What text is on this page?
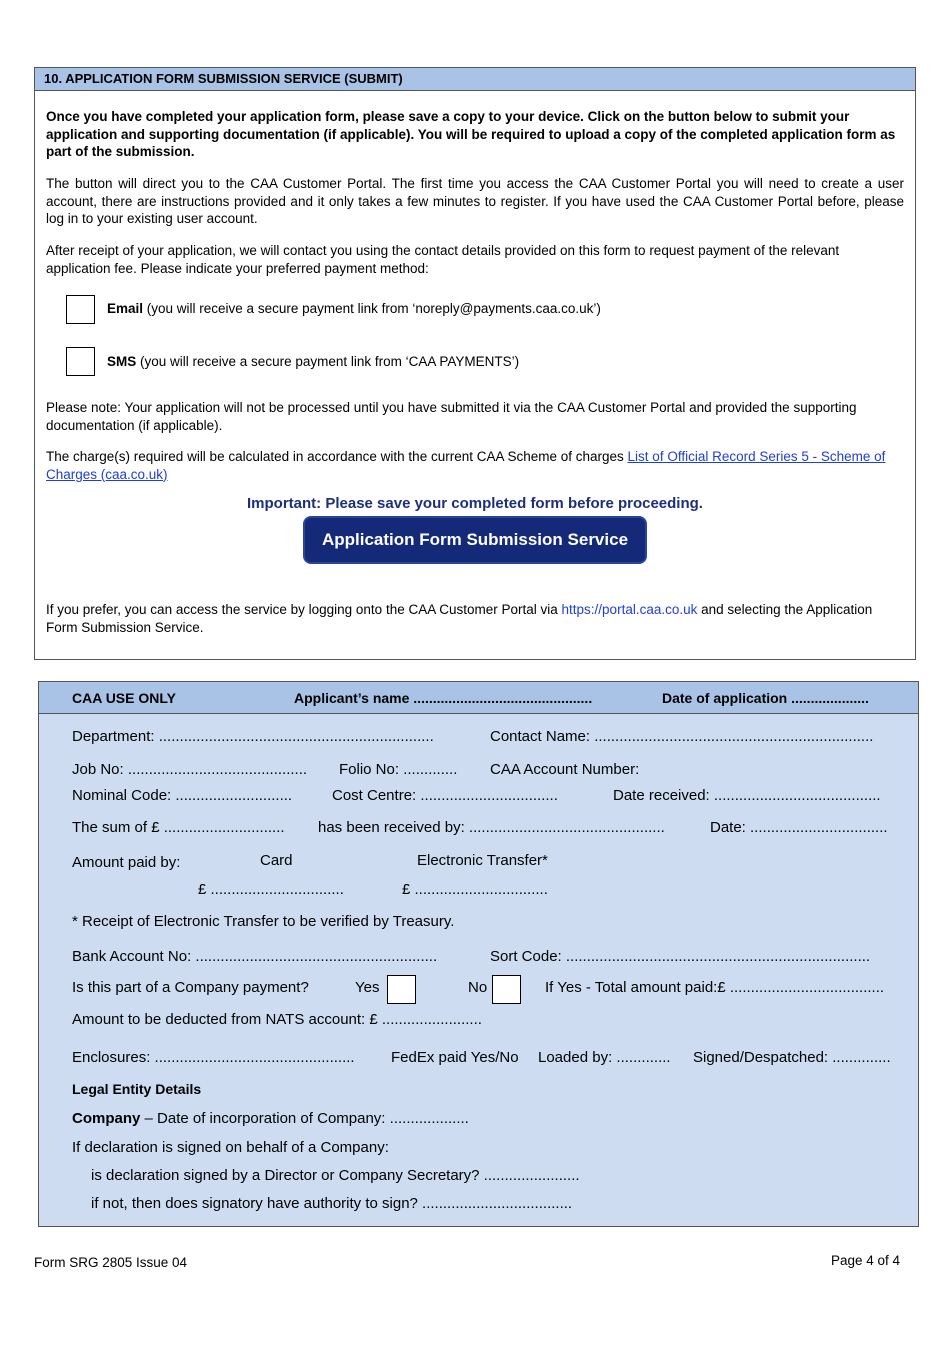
10. APPLICATION FORM SUBMISSION SERVICE (SUBMIT)

Once you have completed your application form, please save a copy to your device. Click on the button below to submit your application and supporting documentation (if applicable). You will be required to upload a copy of the completed application form as part of the submission.

The button will direct you to the CAA Customer Portal. The first time you access the CAA Customer Portal you will need to create a user account, there are instructions provided and it only takes a few minutes to register. If you have used the CAA Customer Portal before, please log in to your existing user account.

After receipt of your application, we will contact you using the contact details provided on this form to request payment of the relevant application fee. Please indicate your preferred payment method:

Email (you will receive a secure payment link from ‘noreply@payments.caa.co.uk’)
SMS (you will receive a secure payment link from ‘CAA PAYMENTS’)

Please note: Your application will not be processed until you have submitted it via the CAA Customer Portal and provided the supporting documentation (if applicable).

The charge(s) required will be calculated in accordance with the current CAA Scheme of charges List of Official Record Series 5 - Scheme of Charges (caa.co.uk)

Important: Please save your completed form before proceeding.
Application Form Submission Service

If you prefer, you can access the service by logging onto the CAA Customer Portal via https://portal.caa.co.uk and selecting the Application Form Submission Service.

CAA USE ONLY	Applicant’s name ..............................................	Date of application ....................
Department: ..................................................................	Contact Name: ...................................................................
Job No: ........................................... Folio No: ............. CAA Account Number:
Nominal Code: ............................	Cost Centre: .................................	Date received: ........................................
The sum of £ ............................. has been received by: ...............................................	Date: .................................
Amount paid by:	Card	Electronic Transfer*
£ ................................	£ ................................
* Receipt of Electronic Transfer to be verified by Treasury.
Bank Account No: ..........................................................	Sort Code: .........................................................................
Is this part of a Company payment?	Yes	No	If Yes - Total amount paid:£ .....................................
Amount to be deducted from NATS account: £ ........................
Enclosures: ................................................ FedEx paid Yes/No Loaded by: ............. Signed/Despatched: ..............
Legal Entity Details
Company – Date of incorporation of Company: ...................
If declaration is signed on behalf of a Company:
is declaration signed by a Director or Company Secretary? .......................
if not, then does signatory have authority to sign? ....................................
Form SRG 2805 Issue 04	Page 4 of 4
